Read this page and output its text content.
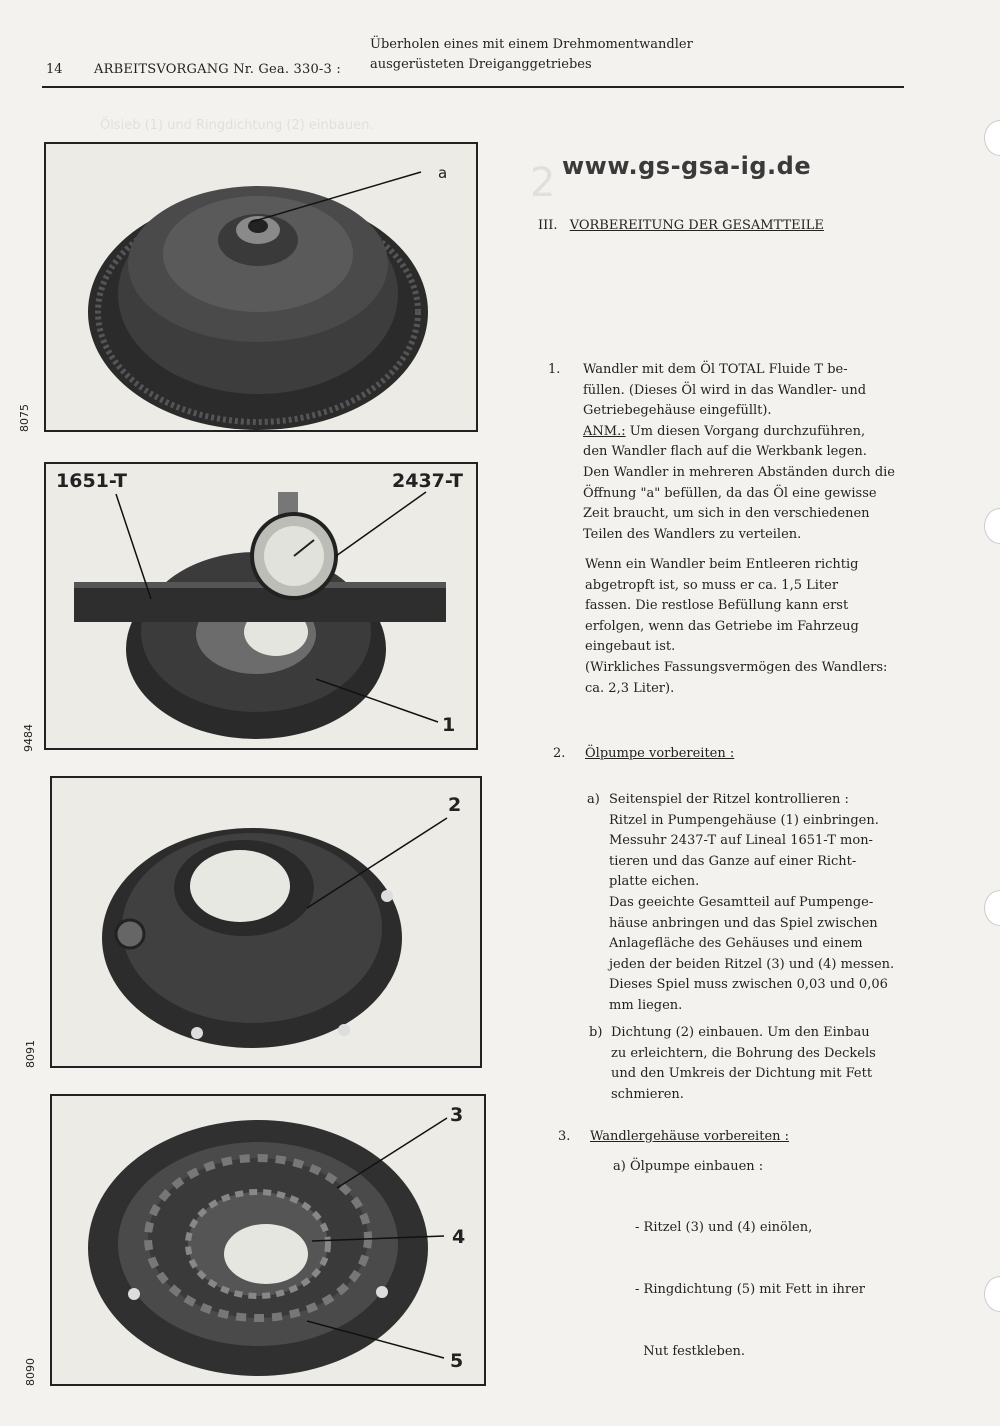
14 ARBEITSVORGANG Nr. Gea. 330-3 :
Überholen eines mit einem Drehmomentwandler
ausgerüsteten Dreiganggetriebes
Ölsieb (1) und Ringdichtung (2) einbauen.
2
a
8075
1651-T	2437-T
1
9484
2
8091
3
4
5
8090
www.gs-gsa-ig.de
III. VORBEREITUNG DER GESAMTTEILE
1. Wandler mit dem Öl TOTAL Fluide T be-
füllen. (Dieses Öl wird in das Wandler- und
Getriebegehäuse eingefüllt).
ANM.: Um diesen Vorgang durchzuführen,
den Wandler flach auf die Werkbank legen.
Den Wandler in mehreren Abständen durch die
Öffnung "a" befüllen, da das Öl eine gewisse
Zeit braucht, um sich in den verschiedenen
Teilen des Wandlers zu verteilen.
Wenn ein Wandler beim Entleeren richtig
abgetropft ist, so muss er ca. 1,5 Liter
fassen. Die restlose Befüllung kann erst
erfolgen, wenn das Getriebe im Fahrzeug
eingebaut ist.
(Wirkliches Fassungsvermögen des Wandlers:
ca. 2,3 Liter).
2. Ölpumpe vorbereiten :
a) Seitenspiel der Ritzel kontrollieren :
Ritzel in Pumpengehäuse (1) einbringen.
Messuhr 2437-T auf Lineal 1651-T mon-
tieren und das Ganze auf einer Richt-
platte eichen.
Das geeichte Gesamtteil auf Pumpenge-
häuse anbringen und das Spiel zwischen
Anlagefläche des Gehäuses und einem
jeden der beiden Ritzel (3) und (4) messen.
Dieses Spiel muss zwischen 0,03 und 0,06
mm liegen.
b) Dichtung (2) einbauen. Um den Einbau
zu erleichtern, die Bohrung des Deckels
und den Umkreis der Dichtung mit Fett
schmieren.
3. Wandlergehäuse vorbereiten :
a) Ölpumpe einbauen :

- Ritzel (3) und (4) einölen,

- Ringdichtung (5) mit Fett in ihrer

Nut festkleben.
